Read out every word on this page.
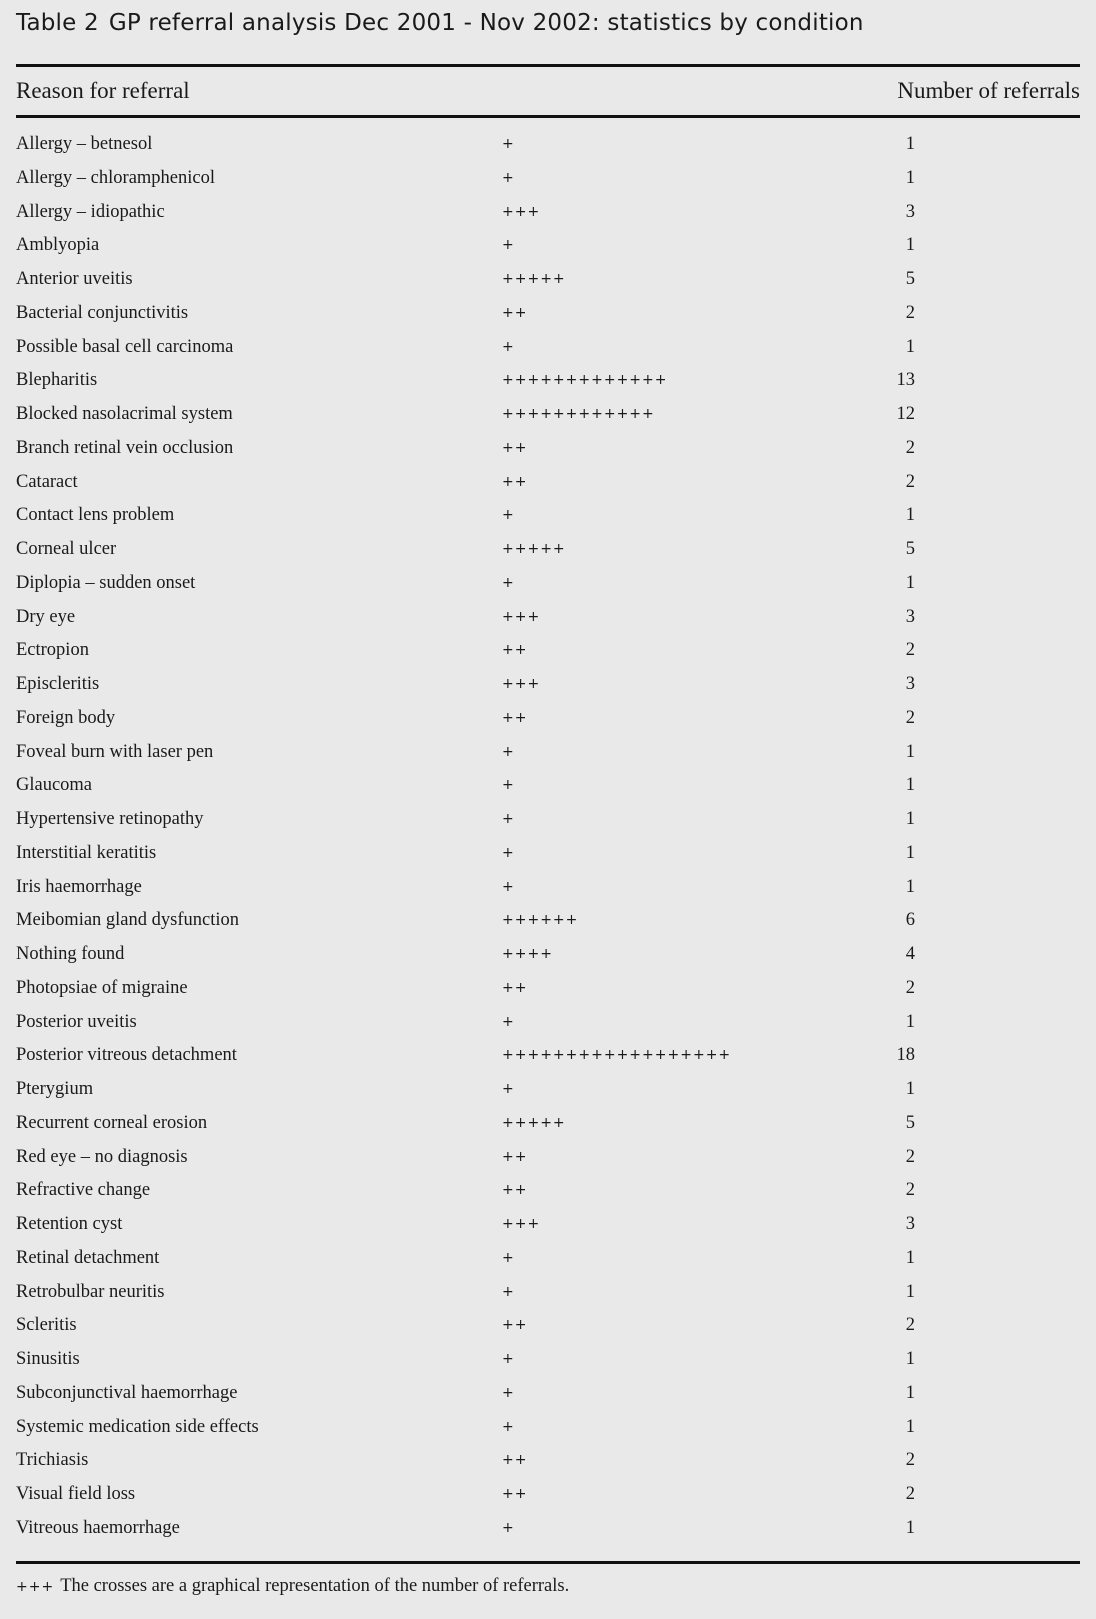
Table 2 GP referral analysis Dec 2001 - Nov 2002: statistics by condition
Reason for referral	Number of referrals
Allergy – betnesol	+	1
Allergy – chloramphenicol	+	1
Allergy – idiopathic	+++	3
Amblyopia	+	1
Anterior uveitis	+++++	5
Bacterial conjunctivitis	++	2
Possible basal cell carcinoma	+	1
Blepharitis	+++++++++++++	13
Blocked nasolacrimal system	++++++++++++	12
Branch retinal vein occlusion	++	2
Cataract	++	2
Contact lens problem	+	1
Corneal ulcer	+++++	5
Diplopia – sudden onset	+	1
Dry eye	+++	3
Ectropion	++	2
Episcleritis	+++	3
Foreign body	++	2
Foveal burn with laser pen	+	1
Glaucoma	+	1
Hypertensive retinopathy	+	1
Interstitial keratitis	+	1
Iris haemorrhage	+	1
Meibomian gland dysfunction	++++++	6
Nothing found	++++	4
Photopsiae of migraine	++	2
Posterior uveitis	+	1
Posterior vitreous detachment	++++++++++++++++++	18
Pterygium	+	1
Recurrent corneal erosion	+++++	5
Red eye – no diagnosis	++	2
Refractive change	++	2
Retention cyst	+++	3
Retinal detachment	+	1
Retrobulbar neuritis	+	1
Scleritis	++	2
Sinusitis	+	1
Subconjunctival haemorrhage	+	1
Systemic medication side effects	+	1
Trichiasis	++	2
Visual field loss	++	2
Vitreous haemorrhage	+	1
+++ The crosses are a graphical representation of the number of referrals.
